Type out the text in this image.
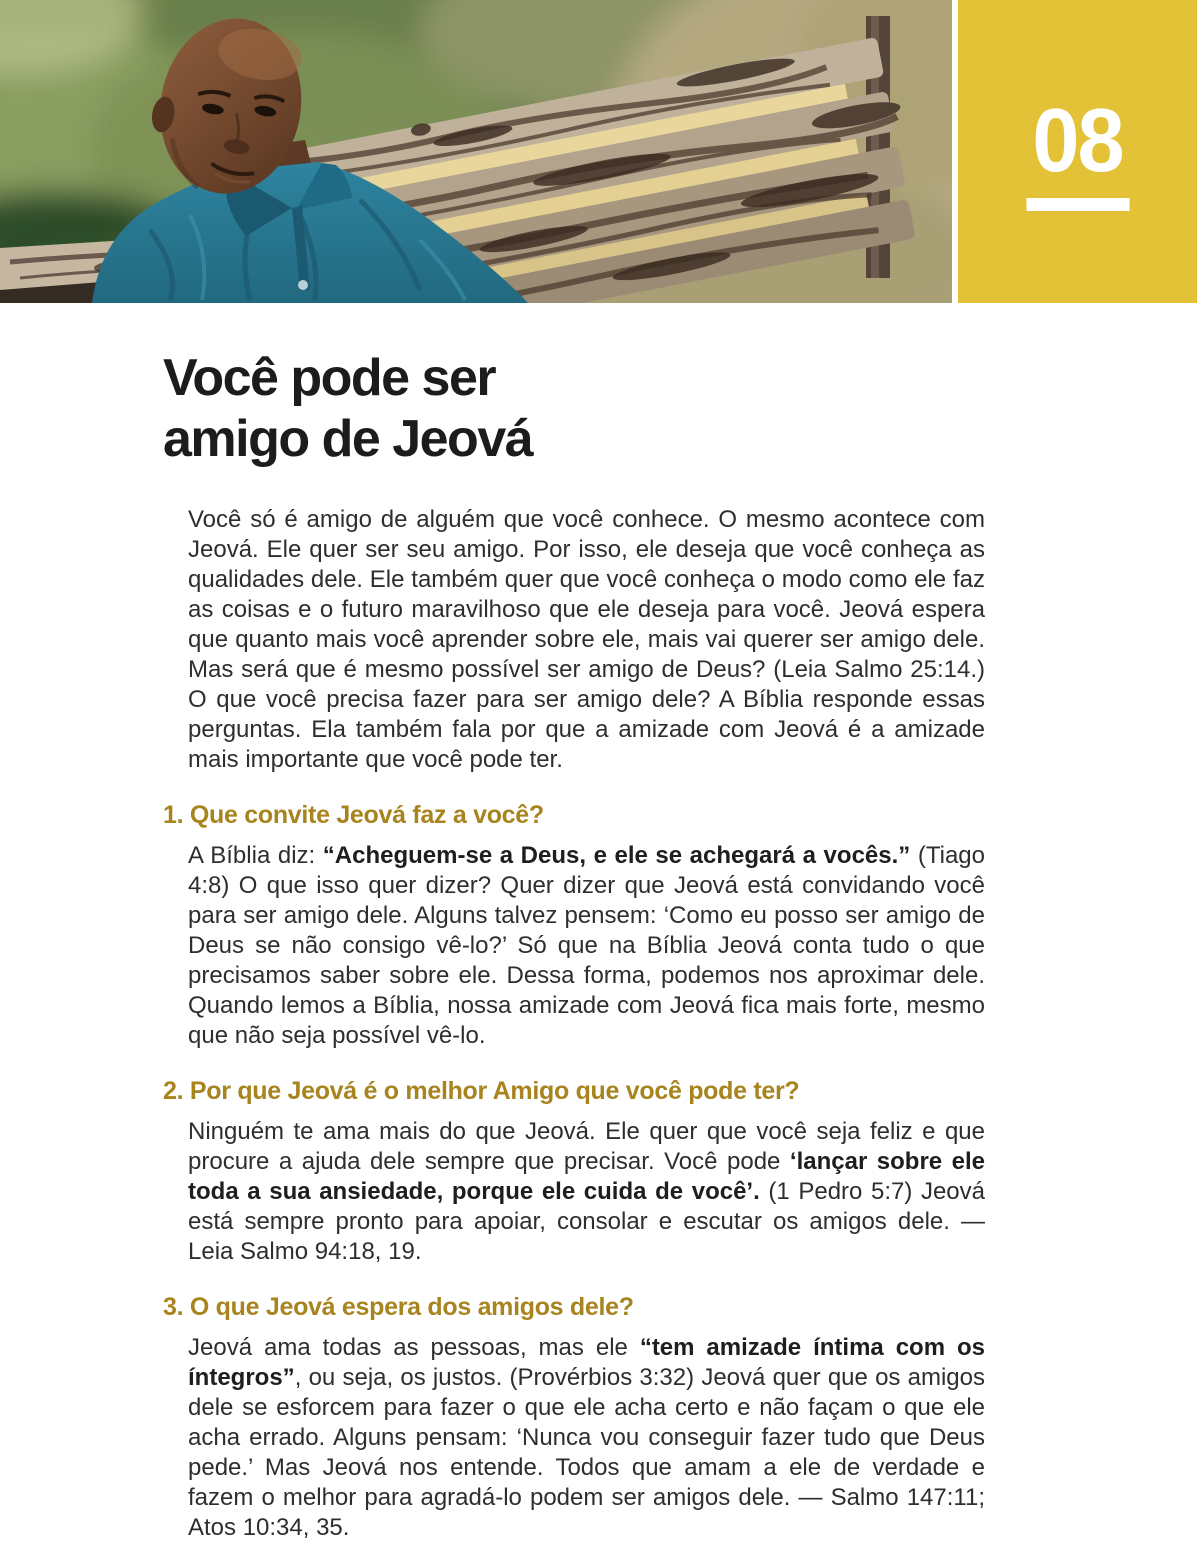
08
Você pode ser
amigo de Jeová

Você só é amigo de alguém que você conhece. O mesmo acontece com Jeová. Ele quer ser seu amigo. Por isso, ele deseja que você conheça as qualidades dele. Ele também quer que você conheça o modo como ele faz as coisas e o futuro maravilhoso que ele deseja para você. Jeová espera que quanto mais você aprender sobre ele, mais vai querer ser amigo dele. Mas será que é mesmo possível ser amigo de Deus? (Leia Salmo 25:14.) O que você precisa fazer para ser amigo dele? A Bíblia responde essas perguntas. Ela também fala por que a amizade com Jeová é a amizade mais importante que você pode ter.

1. Que convite Jeová faz a você?

A Bíblia diz: “Acheguem-se a Deus, e ele se achegará a vocês.” (Tiago 4:8) O que isso quer dizer? Quer dizer que Jeová está convidando você para ser amigo dele. Alguns talvez pensem: ‘Como eu posso ser amigo de Deus se não consigo vê-lo?’ Só que na Bíblia Jeová conta tudo o que precisamos saber sobre ele. Dessa forma, podemos nos aproximar dele. Quando lemos a Bíblia, nossa amizade com Jeová fica mais forte, mesmo que não seja possível vê-lo.

2. Por que Jeová é o melhor Amigo que você pode ter?

Ninguém te ama mais do que Jeová. Ele quer que você seja feliz e que procure a ajuda dele sempre que precisar. Você pode ‘lançar sobre ele toda a sua ansiedade, porque ele cuida de você’. (1 Pedro 5:7) Jeová está sempre pronto para apoiar, consolar e escutar os amigos dele. — Leia Salmo 94:18, 19.

3. O que Jeová espera dos amigos dele?

Jeová ama todas as pessoas, mas ele “tem amizade íntima com os íntegros”, ou seja, os justos. (Provérbios 3:32) Jeová quer que os amigos dele se esforcem para fazer o que ele acha certo e não façam o que ele acha errado. Alguns pensam: ‘Nunca vou conseguir fazer tudo que Deus pede.’ Mas Jeová nos entende. Todos que amam a ele de verdade e fazem o melhor para agradá-lo podem ser amigos dele. — Salmo 147:11; Atos 10:34, 35.
